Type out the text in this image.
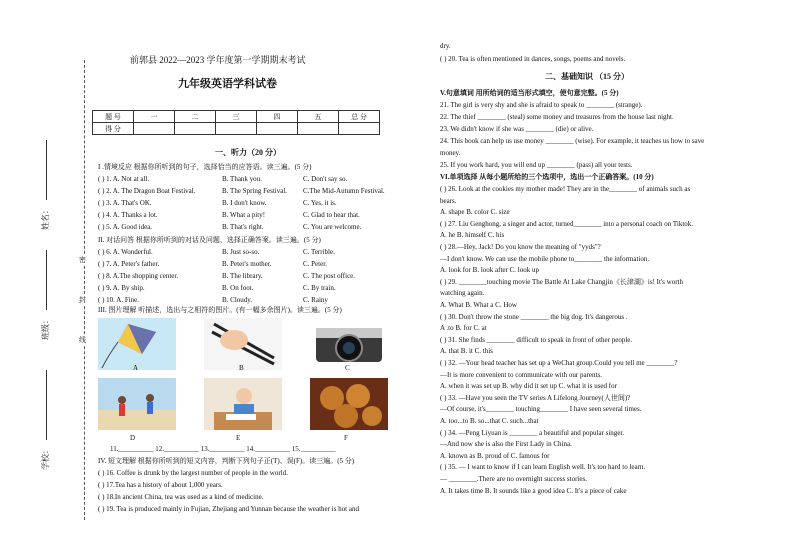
密
封
线
姓名：
班级：
学校：
前郭县 2022—2023 学年度第一学期期末考试
九年级英语学科试卷
题 号	一	二	三	四	五	总 分
得 分						
一、听力（20 分）
I .情境反应 根据你所听到的句子，选择恰当的应答语。读三遍。(5 分)
( ) 1. A. Not at all.	B. Thank you.	C. Don't say so.
( ) 2. A. The Dragon Boat Festival.	B. The Spring Festival. C.The Mid-Autumn Festival.
( ) 3. A. That's OK.	B. I don't know.	C. Yes, it is.
( ) 4. A. Thanks a lot.	B. What a pity!	C. Glad to hear that.
( ) 5. A. Good idea.	B. That's right.	C. You are welcome.
II. 对话问答 根据你所听到的对话及问题，选择正确答案。读三遍。(5 分)
( ) 6. A. Wonderful.	B. Just so-so.	C. Terrible.
( ) 7. A. Peter's father.	B. Peter's mother.	C. Peter.
( ) 8. A.The shopping center.	B. The library.	C. The post office.
( ) 9. A. By ship.	B. On foot.	C. By train.
( ) 10. A. Fine.	B. Cloudy.	C. Rainy
III. 图片理解 听描述，选出与之相符的图片。(有一幅多余图片)。读三遍。(5 分)
A	B	C
D	E	F
11.__________ 12.__________ 13.__________ 14.__________ 15.__________
IV. 短文理解 根据你所听到的短文内容，判断下列句子正(T)、误(F)。读三遍。(5 分)
( ) 16. Coffee is drunk by the largest number of people in the world.
( ) 17.Tea has a history of about 1,000 years.
( ) 18.In ancient China, tea was used as a kind of medicine.
( ) 19. Tea is produced mainly in Fujian, Zhejiang and Yunnan because the weather is hot and
dry.
( ) 20. Tea is often mentioned in dances, songs, poems and novels.
二、基础知识 （15 分）
V.句意填词 用所给词的适当形式填空，使句意完整。(5 分)
21. The girl is very shy and she is afraid to speak to ________ (strange).
22. The thief ________ (steal) some money and treasures from the house last night.
23. We didn't know if she was ________ (die) or alive.
24. This book can help us use money ________ (wise). For example, it teaches us how to save
money.
25. If you work hard, you will end up ________ (pass) all your tests.
VI.单项选择 从每小题所给的三个选项中，选出一个正确答案。(10 分)
( ) 26. Look at the cookies my mother made! They are in the________ of animals such as
bears.
A. shape B. color C. size
( ) 27. Liu Genghong, a singer and actor, turned________ into a personal coach on Tiktok.
A. he B. himself C. his
( ) 28.—Hey, Jack! Do you know the meaning of "yyds"?
—I don't know. We can use the mobile phone to________ the information.
A. look for B. look after C. look up
( ) 29. ________touching movie The Battle At Lake Changjin《长津湖》is! It's worth
watching again.
A. What B. What a C. How
( ) 30. Don't throw the stone ________ the big dog. It's dangerous .
A .to B. for C. at
( ) 31. She finds ________ difficult to speak in front of other people.
A. that B. it C. this
( ) 32. —Your head teacher has set up a WeChat group.Could you tell me ________?
—It is more convenient to communicate with our parents.
A. when it was set up B. why did it set up C. what it is used for
( ) 33. —Have you seen the TV series A Lifelong Journey(人世间)?
—Of course, it's________ touching________ I have seen several times.
A. too...to B. so...that C. such...that
( ) 34. —Peng Liyuan is ________ a beautiful and popular singer.
—And now she is also the First Lady in China.
A. known as B. proud of C. famous for
( ) 35. — I want to know if I can learn English well. It's too hard to learn.
— ________.There are no overnight success stories.
A. It takes time B. It sounds like a good idea C. It's a piece of cake
